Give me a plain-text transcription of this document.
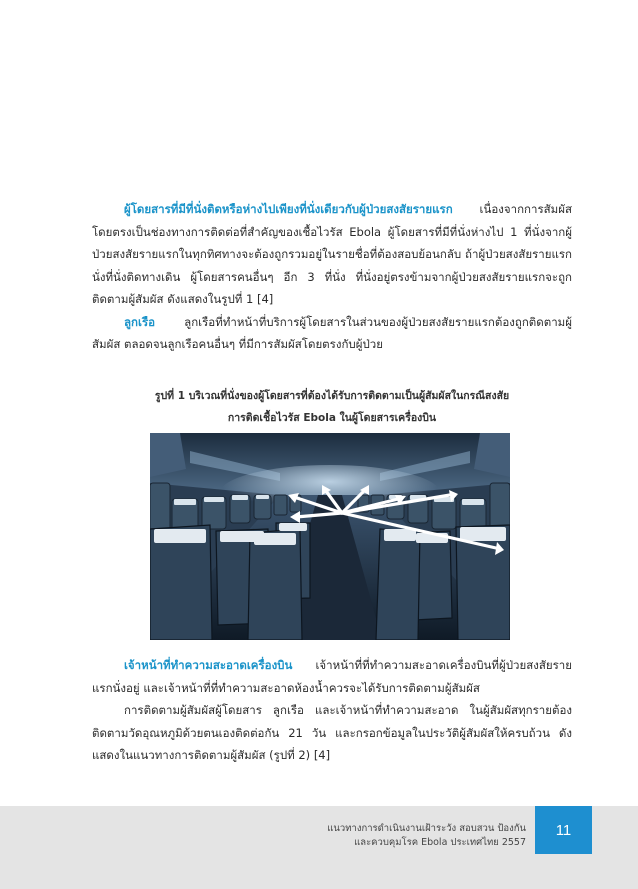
ผู้โดยสารที่มีที่นั่งติดหรือห่างไปเพียงที่นั่งเดียวกับผู้ป่วยสงสัยรายแรก เนื่องจากการสัมผัสโดยตรงเป็นช่องทางการติดต่อที่สำคัญของเชื้อไวรัส Ebola ผู้โดยสารที่มีที่นั่งห่างไป 1 ที่นั่งจากผู้ป่วยสงสัยรายแรกในทุกทิศทางจะต้องถูกรวมอยู่ในรายชื่อที่ต้องสอบย้อนกลับ ถ้าผู้ป่วยสงสัยรายแรกนั่งที่นั่งติดทางเดิน ผู้โดยสารคนอื่นๆ อีก 3 ที่นั่ง ที่นั่งอยู่ตรงข้ามจากผู้ป่วยสงสัยรายแรกจะถูกติดตามผู้สัมผัส ดังแสดงในรูปที่ 1 [4]

ลูกเรือ ลูกเรือที่ทำหน้าที่บริการผู้โดยสารในส่วนของผู้ป่วยสงสัยรายแรกต้องถูกติดตามผู้สัมผัส ตลอดจนลูกเรือคนอื่นๆ ที่มีการสัมผัสโดยตรงกับผู้ป่วย

รูปที่ 1 บริเวณที่นั่งของผู้โดยสารที่ต้องได้รับการติดตามเป็นผู้สัมผัสในกรณีสงสัย

การติดเชื้อไวรัส Ebola ในผู้โดยสารเครื่องบิน

เจ้าหน้าที่ทำความสะอาดเครื่องบิน เจ้าหน้าที่ที่ทำความสะอาดเครื่องบินที่ผู้ป่วยสงสัยรายแรกนั่งอยู่ และเจ้าหน้าที่ที่ทำความสะอาดห้องน้ำควรจะได้รับการติดตามผู้สัมผัส

การติดตามผู้สัมผัสผู้โดยสาร ลูกเรือ และเจ้าหน้าที่ทำความสะอาด ในผู้สัมผัสทุกรายต้องติดตามวัดอุณหภูมิด้วยตนเองติดต่อกัน 21 วัน และกรอกข้อมูลในประวัติผู้สัมผัสให้ครบถ้วน ดังแสดงในแนวทางการติดตามผู้สัมผัส (รูปที่ 2) [4]

แนวทางการดำเนินงานเฝ้าระวัง สอบสวน ป้องกัน

และควบคุมโรค Ebola ประเทศไทย 2557

11
